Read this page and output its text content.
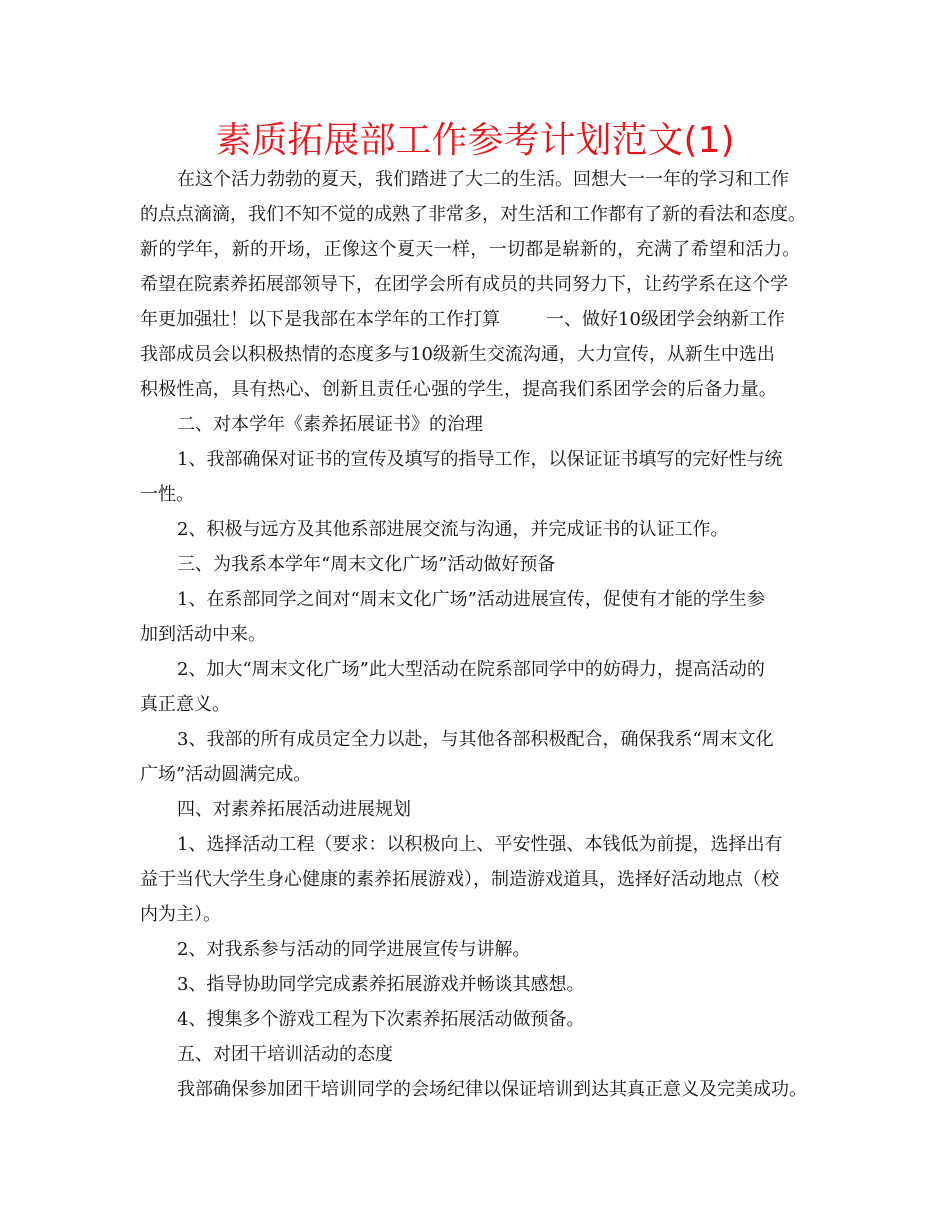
素质拓展部工作参考计划范文(1)
在这个活力勃勃的夏天，我们踏进了大二的生活。回想大一一年的学习和工作
的点点滴滴，我们不知不觉的成熟了非常多，对生活和工作都有了新的看法和态度。
新的学年，新的开场，正像这个夏天一样，一切都是崭新的，充满了希望和活力。
希望在院素养拓展部领导下，在团学会所有成员的共同努力下，让药学系在这个学
年更加强壮！以下是我部在本学年的工作打算	一、做好10级团学会纳新工作
我部成员会以积极热情的态度多与10级新生交流沟通，大力宣传，从新生中选出
积极性高，具有热心、创新且责任心强的学生，提高我们系团学会的后备力量。
二、对本学年《素养拓展证书》的治理
1、我部确保对证书的宣传及填写的指导工作，以保证证书填写的完好性与统
一性。
2、积极与远方及其他系部进展交流与沟通，并完成证书的认证工作。
三、为我系本学年“周末文化广场”活动做好预备
1、在系部同学之间对“周末文化广场”活动进展宣传，促使有才能的学生参
加到活动中来。
2、加大“周末文化广场”此大型活动在院系部同学中的妨碍力，提高活动的
真正意义。
3、我部的所有成员定全力以赴，与其他各部积极配合，确保我系“周末文化
广场”活动圆满完成。
四、对素养拓展活动进展规划
1、选择活动工程（要求：以积极向上、平安性强、本钱低为前提，选择出有
益于当代大学生身心健康的素养拓展游戏），制造游戏道具，选择好活动地点（校
内为主）。
2、对我系参与活动的同学进展宣传与讲解。
3、指导协助同学完成素养拓展游戏并畅谈其感想。
4、搜集多个游戏工程为下次素养拓展活动做预备。
五、对团干培训活动的态度
我部确保参加团干培训同学的会场纪律以保证培训到达其真正意义及完美成功。
